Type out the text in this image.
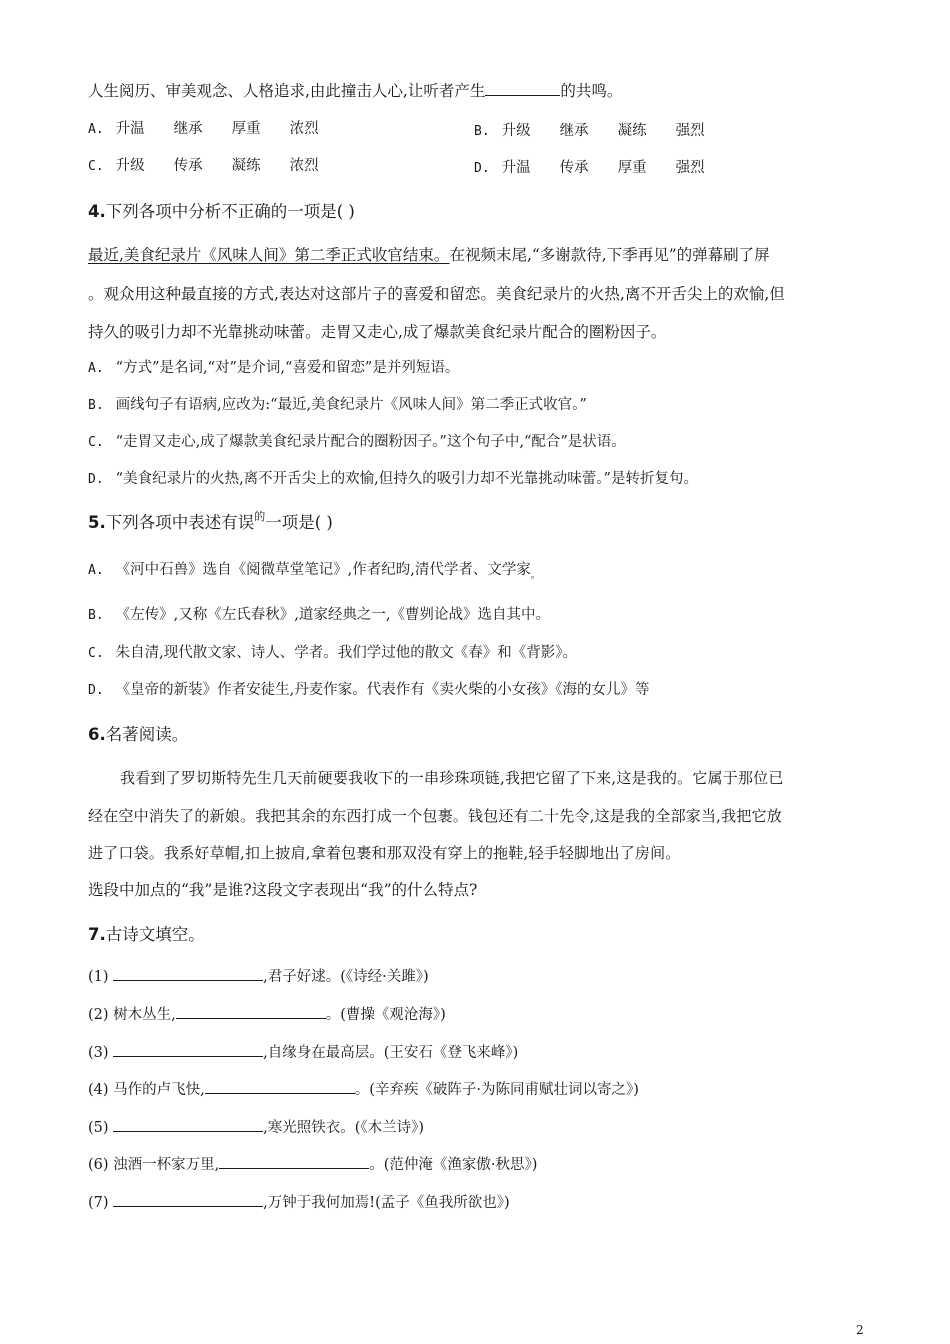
人生阅历、审美观念、人格追求,由此撞击人心,让听者产生	的共鸣。
A. 升温 继承 厚重 浓烈	B. 升级 继承 凝练 强烈
C. 升级 传承 凝练 浓烈	D. 升温 传承 厚重 强烈
4.下列各项中分析不正确的一项是( )
最近,美食纪录片《风味人间》第二季正式收官结束。在视频末尾,“多谢款待,下季再见”的弹幕刷了屏
。观众用这种最直接的方式,表达对这部片子的喜爱和留恋。美食纪录片的火热,离不开舌尖上的欢愉,但
持久的吸引力却不光靠挑动味蕾。走胃又走心,成了爆款美食纪录片配合的圈粉因子。
A. “方式”是名词,“对”是介词,“喜爱和留恋”是并列短语。
B. 画线句子有语病,应改为:“最近,美食纪录片《风味人间》第二季正式收官。”
C. “走胃又走心,成了爆款美食纪录片配合的圈粉因子。”这个句子中,“配合”是状语。
D. “美食纪录片的火热,离不开舌尖上的欢愉,但持久的吸引力却不光靠挑动味蕾。”是转折复句。
5.下列各项中表述有误$^的$一项是( )
A. 《河中石兽》选自《阅微草堂笔记》,作者纪昀,清代学者、文学家$_。$
B. 《左传》,又称《左氏春秋》,道家经典之一,《曹刿论战》选自其中。
C. 朱自清,现代散文家、诗人、学者。我们学过他的散文《春》和《背影》。
D. 《皇帝的新装》作者安徒生,丹麦作家。代表作有《卖火柴的小女孩》《海的女儿》等
6.名著阅读。
我看到了罗切斯特先生几天前硬要我收下的一串珍珠项链,我把它留了下来,这是我的。它属于那位已
经在空中消失了的新娘。我把其余的东西打成一个包裹。钱包还有二十先令,这是我的全部家当,我把它放
进了口袋。我系好草帽,扣上披肩,拿着包裹和那双没有穿上的拖鞋,轻手轻脚地出了房间。
选段中加点的“我”是谁?这段文字表现出“我”的什么特点?
7.古诗文填空。
(1)	,君子好逑。(《诗经·关雎》)
(2) 树木丛生,	。(曹操《观沧海》)
(3)	,自缘身在最高层。(王安石《登飞来峰》)
(4) 马作的卢飞快,	。(辛弃疾《破阵子·为陈同甫赋壮词以寄之》)
(5)	,寒光照铁衣。(《木兰诗》)
(6) 浊酒一杯家万里,	。(范仲淹《渔家傲·秋思》)
(7)	,万钟于我何加焉!(孟子《鱼我所欲也》)
2
